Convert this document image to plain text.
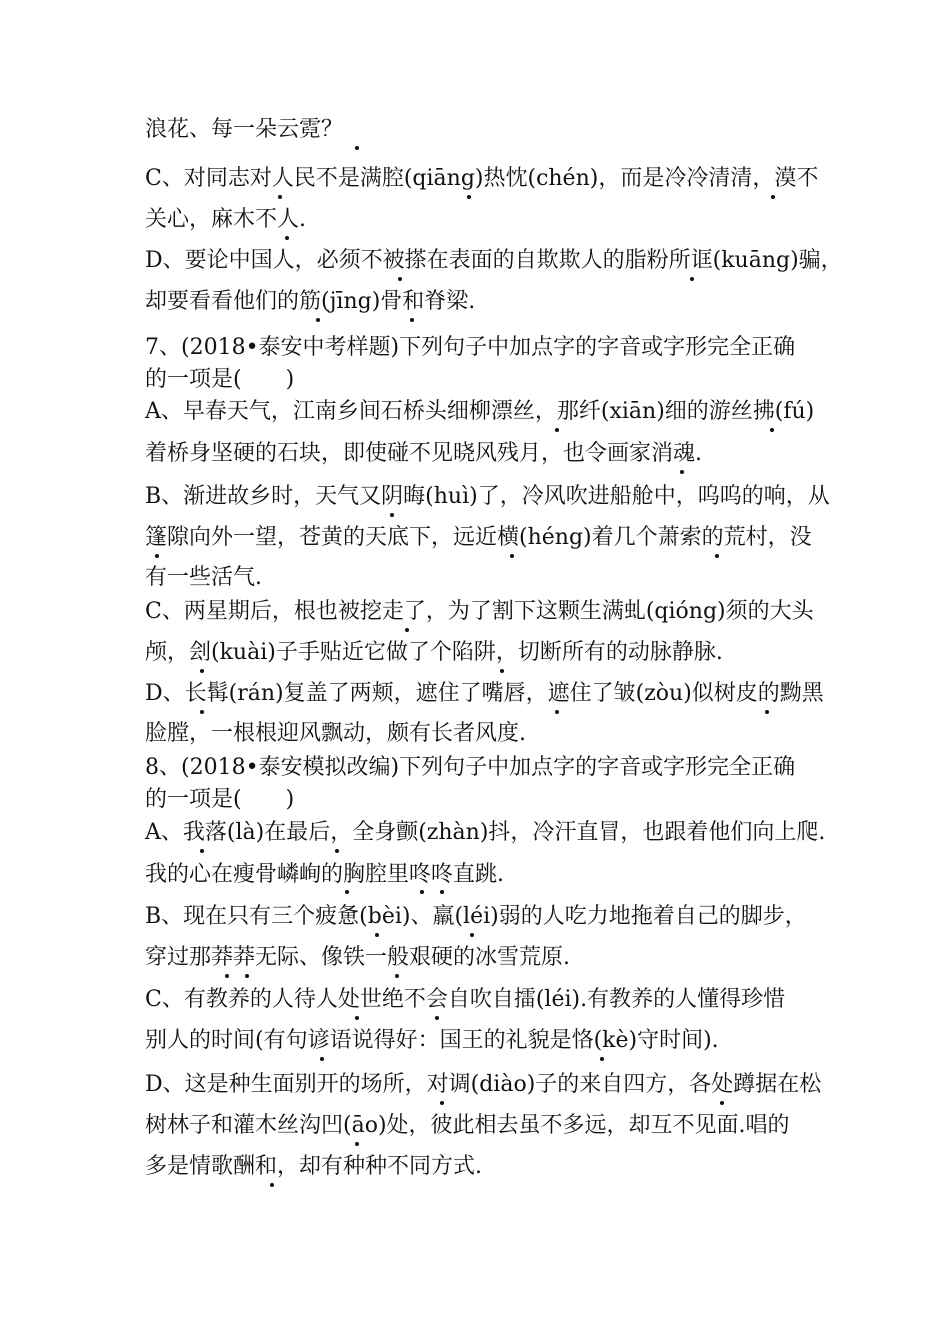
浪花、每一朵云霓？
C、对同志对人民不是满腔(qiāng)热忱(chén)，而是冷冷清清，漠不
关心，麻木不人.
D、要论中国人，必须不被搽在表面的自欺欺人的脂粉所诓(kuāng)骗，
却要看看他们的筋(jīng)骨和脊梁.
7、(2018•泰安中考样题)下列句子中加点字的字音或字形完全正确
的一项是(　　)
A、早春天气，江南乡间石桥头细柳漂丝，那纤(xiān)细的游丝拂(fú)
着桥身坚硬的石块，即使碰不见晓风残月，也令画家消魂.
B、渐进故乡时，天气又阴晦(huì)了，冷风吹进船舱中，呜呜的响，从
篷隙向外一望，苍黄的天底下，远近横(héng)着几个萧索的荒村，没
有一些活气.
C、两星期后，根也被挖走了，为了割下这颗生满虬(qióng)须的大头
颅，刽(kuài)子手贴近它做了个陷阱，切断所有的动脉静脉.
D、长髯(rán)复盖了两颊，遮住了嘴唇，遮住了皱(zòu)似树皮的黝黑
脸膛，一根根迎风飘动，颇有长者风度.
8、(2018•泰安模拟改编)下列句子中加点字的字音或字形完全正确
的一项是(　　)
A、我落(là)在最后，全身颤(zhàn)抖，冷汗直冒，也跟着他们向上爬.
我的心在瘦骨嶙峋的胸腔里咚咚直跳.
B、现在只有三个疲惫(bèi)、羸(léi)弱的人吃力地拖着自己的脚步，
穿过那莽莽无际、像铁一般艰硬的冰雪荒原.
C、有教养的人待人处世绝不会自吹自擂(léi).有教养的人懂得珍惜
别人的时间(有句谚语说得好：国王的礼貌是恪(kè)守时间).
D、这是种生面别开的场所，对调(diào)子的来自四方，各处蹲据在松
树林子和灌木丝沟凹(āo)处，彼此相去虽不多远，却互不见面.唱的
多是情歌酬和，却有种种不同方式.
